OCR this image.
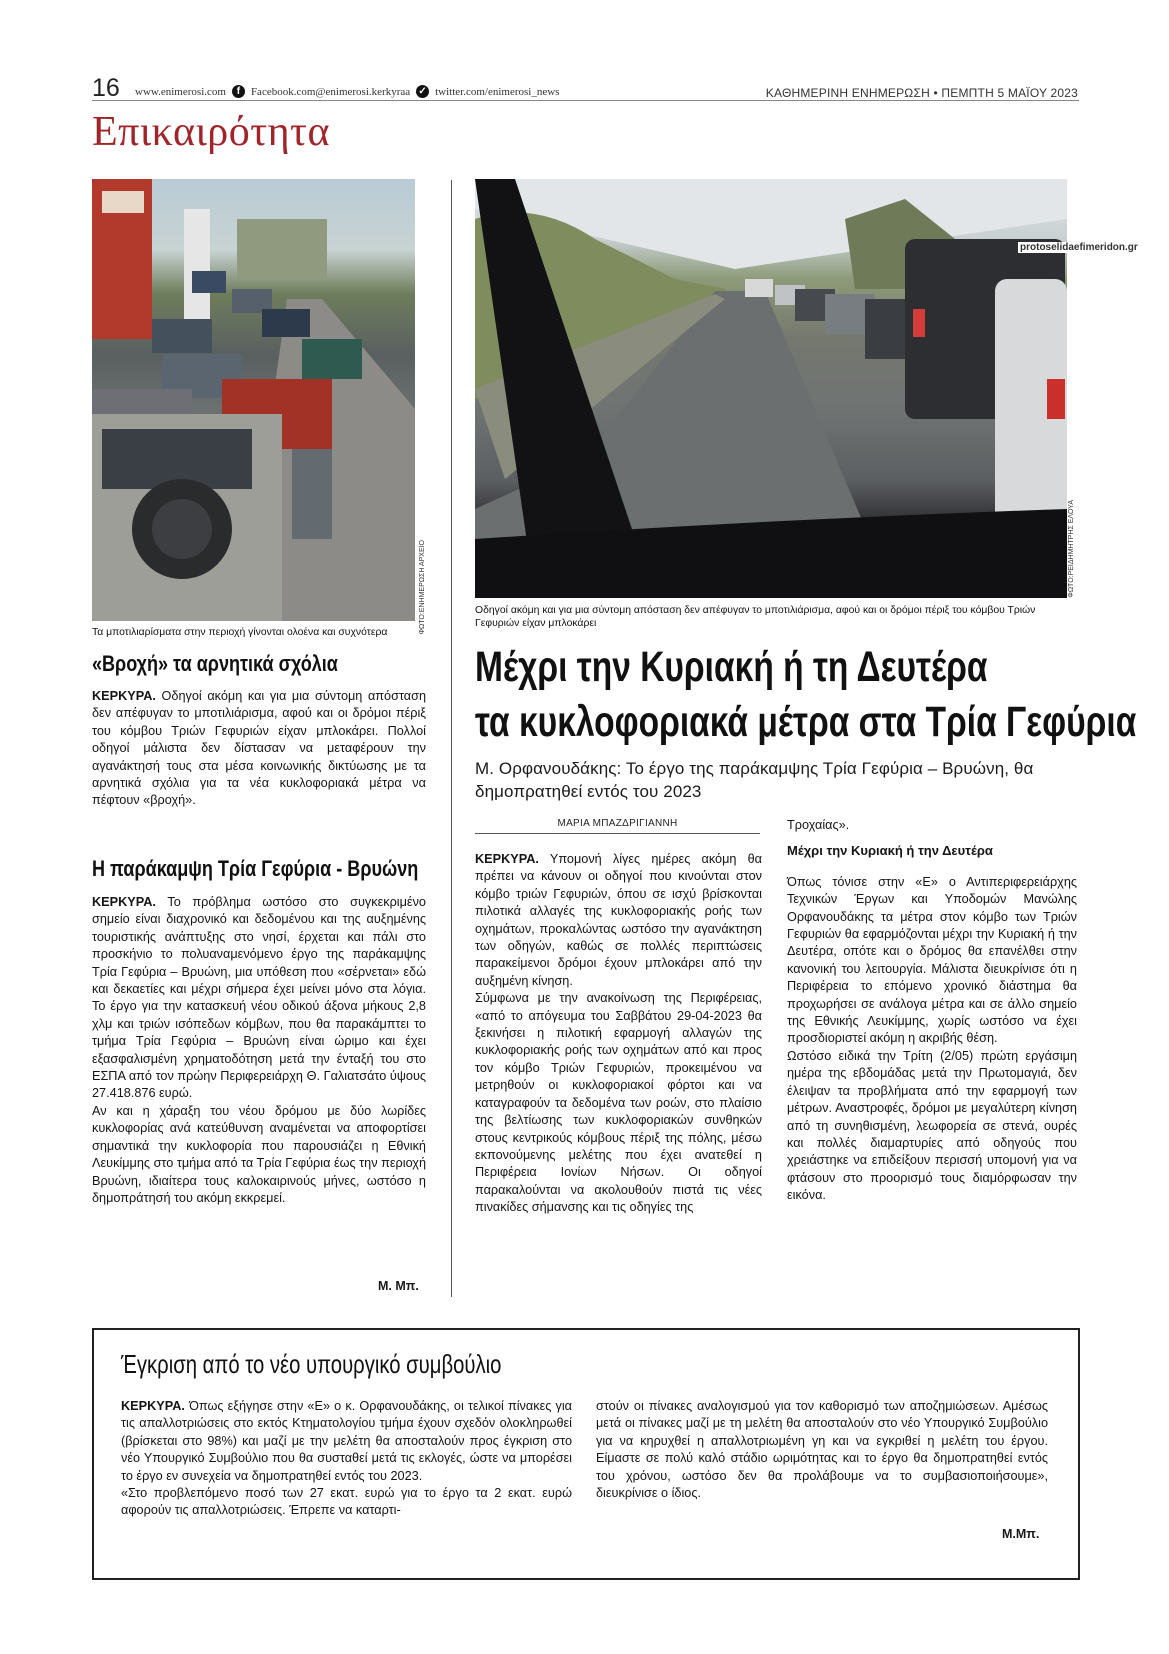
16 www.enimerosi.com	f Facebook.com@enimerosi.kerkyraa ✓ twitter.com/enimerosi_news	ΚΑΘΗΜΕΡΙΝΗ ΕΝΗΜΕΡΩΣΗ • ΠΕΜΠΤΗ 5 ΜΑΪΟΥ 2023
Επικαιρότητα
ΦΩΤΟ:ΕΝΗΜΕΡΩΣΗ ΑΡΧΕΙΟ
Τα μποτιλιαρίσματα στην περιοχή γίνονται ολοένα και συχνότερα
protoselidaefimeridon.gr
ΦΩΤΟ:ΡΕΙΔΗΜΗΤΡΗΣ ΕΛΟΥΑ
Οδηγοί ακόμη και για μια σύντομη απόσταση δεν απέφυγαν το μποτιλιάρισμα, αφού και οι δρόμοι πέριξ του κόμβου Τριών Γεφυριών είχαν μπλοκάρει
«Βροχή» τα αρνητικά σχόλια

ΚΕΡΚΥΡΑ. Οδηγοί ακόμη και για μια σύντομη απόσταση δεν απέφυγαν το μποτιλιάρισμα, αφού και οι δρόμοι πέριξ του κόμβου Τριών Γεφυριών είχαν μπλοκάρει. Πολλοί οδηγοί μάλιστα δεν δίστασαν να μεταφέρουν την αγανάκτησή τους στα μέσα κοινωνικής δικτύωσης με τα αρνητικά σχόλια για τα νέα κυκλοφοριακά μέτρα να πέφτουν «βροχή».

Η παράκαμψη Τρία Γεφύρια - Βρυώνη

ΚΕΡΚΥΡΑ. Το πρόβλημα ωστόσο στο συγκεκριμένο σημείο είναι διαχρονικό και δεδομένου και της αυξημένης τουριστικής ανάπτυξης στο νησί, έρχεται και πάλι στο προσκήνιο το πολυαναμενόμενο έργο της παράκαμψης Τρία Γεφύρια – Βρυώνη, μια υπόθεση που «σέρνεται» εδώ και δεκαετίες και μέχρι σήμερα έχει μείνει μόνο στα λόγια. Το έργο για την κατασκευή νέου οδικού άξονα μήκους 2,8 χλμ και τριών ισόπεδων κόμβων, που θα παρακάμπτει το τμήμα Τρία Γεφύρια – Βρυώνη είναι ώριμο και έχει εξασφαλισμένη χρηματοδότηση μετά την ένταξή του στο ΕΣΠΑ από τον πρώην Περιφερειάρχη Θ. Γαλιατσάτο ύψους 27.418.876 ευρώ.

Αν και η χάραξη του νέου δρόμου με δύο λωρίδες κυκλοφορίας ανά κατεύθυνση αναμένεται να αποφορτίσει σημαντικά την κυκλοφορία που παρουσιάζει η Εθνική Λευκίμμης στο τμήμα από τα Τρία Γεφύρια έως την περιοχή Βρυώνη, ιδιαίτερα τους καλοκαιρινούς μήνες, ωστόσο η δημοπράτησή του ακόμη εκκρεμεί.

Μ. Μπ.
Μέχρι την Κυριακή ή τη Δευτέρα
τα κυκλοφοριακά μέτρα στα Τρία Γεφύρια
Μ. Ορφανουδάκης: Το έργο της παράκαμψης Τρία Γεφύρια – Βρυώνη, θα δημοπρατηθεί εντός του 2023
ΜΑΡΙΑ ΜΠΑΖΔΡΙΓΙΑΝΝΗ

ΚΕΡΚΥΡΑ. Υπομονή λίγες ημέρες ακόμη θα πρέπει να κάνουν οι οδηγοί που κινούνται στον κόμβο τριών Γεφυριών, όπου σε ισχύ βρίσκονται πιλοτικά αλλαγές της κυκλοφοριακής ροής των οχημάτων, προκαλώντας ωστόσο την αγανάκτηση των οδηγών, καθώς σε πολλές περιπτώσεις παρακείμενοι δρόμοι έχουν μπλοκάρει από την αυξημένη κίνηση.

Σύμφωνα με την ανακοίνωση της Περιφέρειας, «από το απόγευμα του Σαββάτου 29-04-2023 θα ξεκινήσει η πιλοτική εφαρμογή αλλαγών της κυκλοφοριακής ροής των οχημάτων από και προς τον κόμβο Τριών Γεφυριών, προκειμένου να μετρηθούν οι κυκλοφοριακοί φόρτοι και να καταγραφούν τα δεδομένα των ροών, στο πλαίσιο της βελτίωσης των κυκλοφοριακών συνθηκών στους κεντρικούς κόμβους πέριξ της πόλης, μέσω εκπονούμενης μελέτης που έχει ανατεθεί η Περιφέρεια Ιονίων Νήσων. Οι οδηγοί παρακαλούνται να ακολουθούν πιστά τις νέες πινακίδες σήμανσης και τις οδηγίες της

Τροχαίας».

Μέχρι την Κυριακή ή την Δευτέρα

Όπως τόνισε στην «Ε» ο Αντιπεριφερειάρχης Τεχνικών Έργων και Υποδομών Μανώλης Ορφανουδάκης τα μέτρα στον κόμβο των Τριών Γεφυριών θα εφαρμόζονται μέχρι την Κυριακή ή την Δευτέρα, οπότε και ο δρόμος θα επανέλθει στην κανονική του λειτουργία. Μάλιστα διευκρίνισε ότι η Περιφέρεια το επόμενο χρονικό διάστημα θα προχωρήσει σε ανάλογα μέτρα και σε άλλο σημείο της Εθνικής Λευκίμμης, χωρίς ωστόσο να έχει προσδιοριστεί ακόμη η ακριβής θέση.

Ωστόσο ειδικά την Τρίτη (2/05) πρώτη εργάσιμη ημέρα της εβδομάδας μετά την Πρωτομαγιά, δεν έλειψαν τα προβλήματα από την εφαρμογή των μέτρων. Αναστροφές, δρόμοι με μεγαλύτερη κίνηση από τη συνηθισμένη, λεωφορεία σε στενά, ουρές και πολλές διαμαρτυρίες από οδηγούς που χρειάστηκε να επιδείξουν περισσή υπομονή για να φτάσουν στο προορισμό τους διαμόρφωσαν την εικόνα.

Έγκριση από το νέο υπουργικό συμβούλιο

ΚΕΡΚΥΡΑ. Όπως εξήγησε στην «Ε» ο κ. Ορφανουδάκης, οι τελικοί πίνακες για τις απαλλοτριώσεις στο εκτός Κτηματολογίου τμήμα έχουν σχεδόν ολοκληρωθεί (βρίσκεται στο 98%) και μαζί με την μελέτη θα αποσταλούν προς έγκριση στο νέο Υπουργικό Συμβούλιο που θα συσταθεί μετά τις εκλογές, ώστε να μπορέσει το έργο εν συνεχεία να δημοπρατηθεί εντός του 2023.

«Στο προβλεπόμενο ποσό των 27 εκατ. ευρώ για το έργο τα 2 εκατ. ευρώ αφορούν τις απαλλοτριώσεις. Έπρεπε να καταρτι-

στούν οι πίνακες αναλογισμού για τον καθορισμό των αποζημιώσεων. Αμέσως μετά οι πίνακες μαζί με τη μελέτη θα αποσταλούν στο νέο Υπουργικό Συμβούλιο για να κηρυχθεί η απαλλοτριωμένη γη και να εγκριθεί η μελέτη του έργου. Είμαστε σε πολύ καλό στάδιο ωριμότητας και το έργο θα δημοπρατηθεί εντός του χρόνου, ωστόσο δεν θα προλάβουμε να το συμβασιοποιήσουμε», διευκρίνισε ο ίδιος.

Μ.Μπ.
